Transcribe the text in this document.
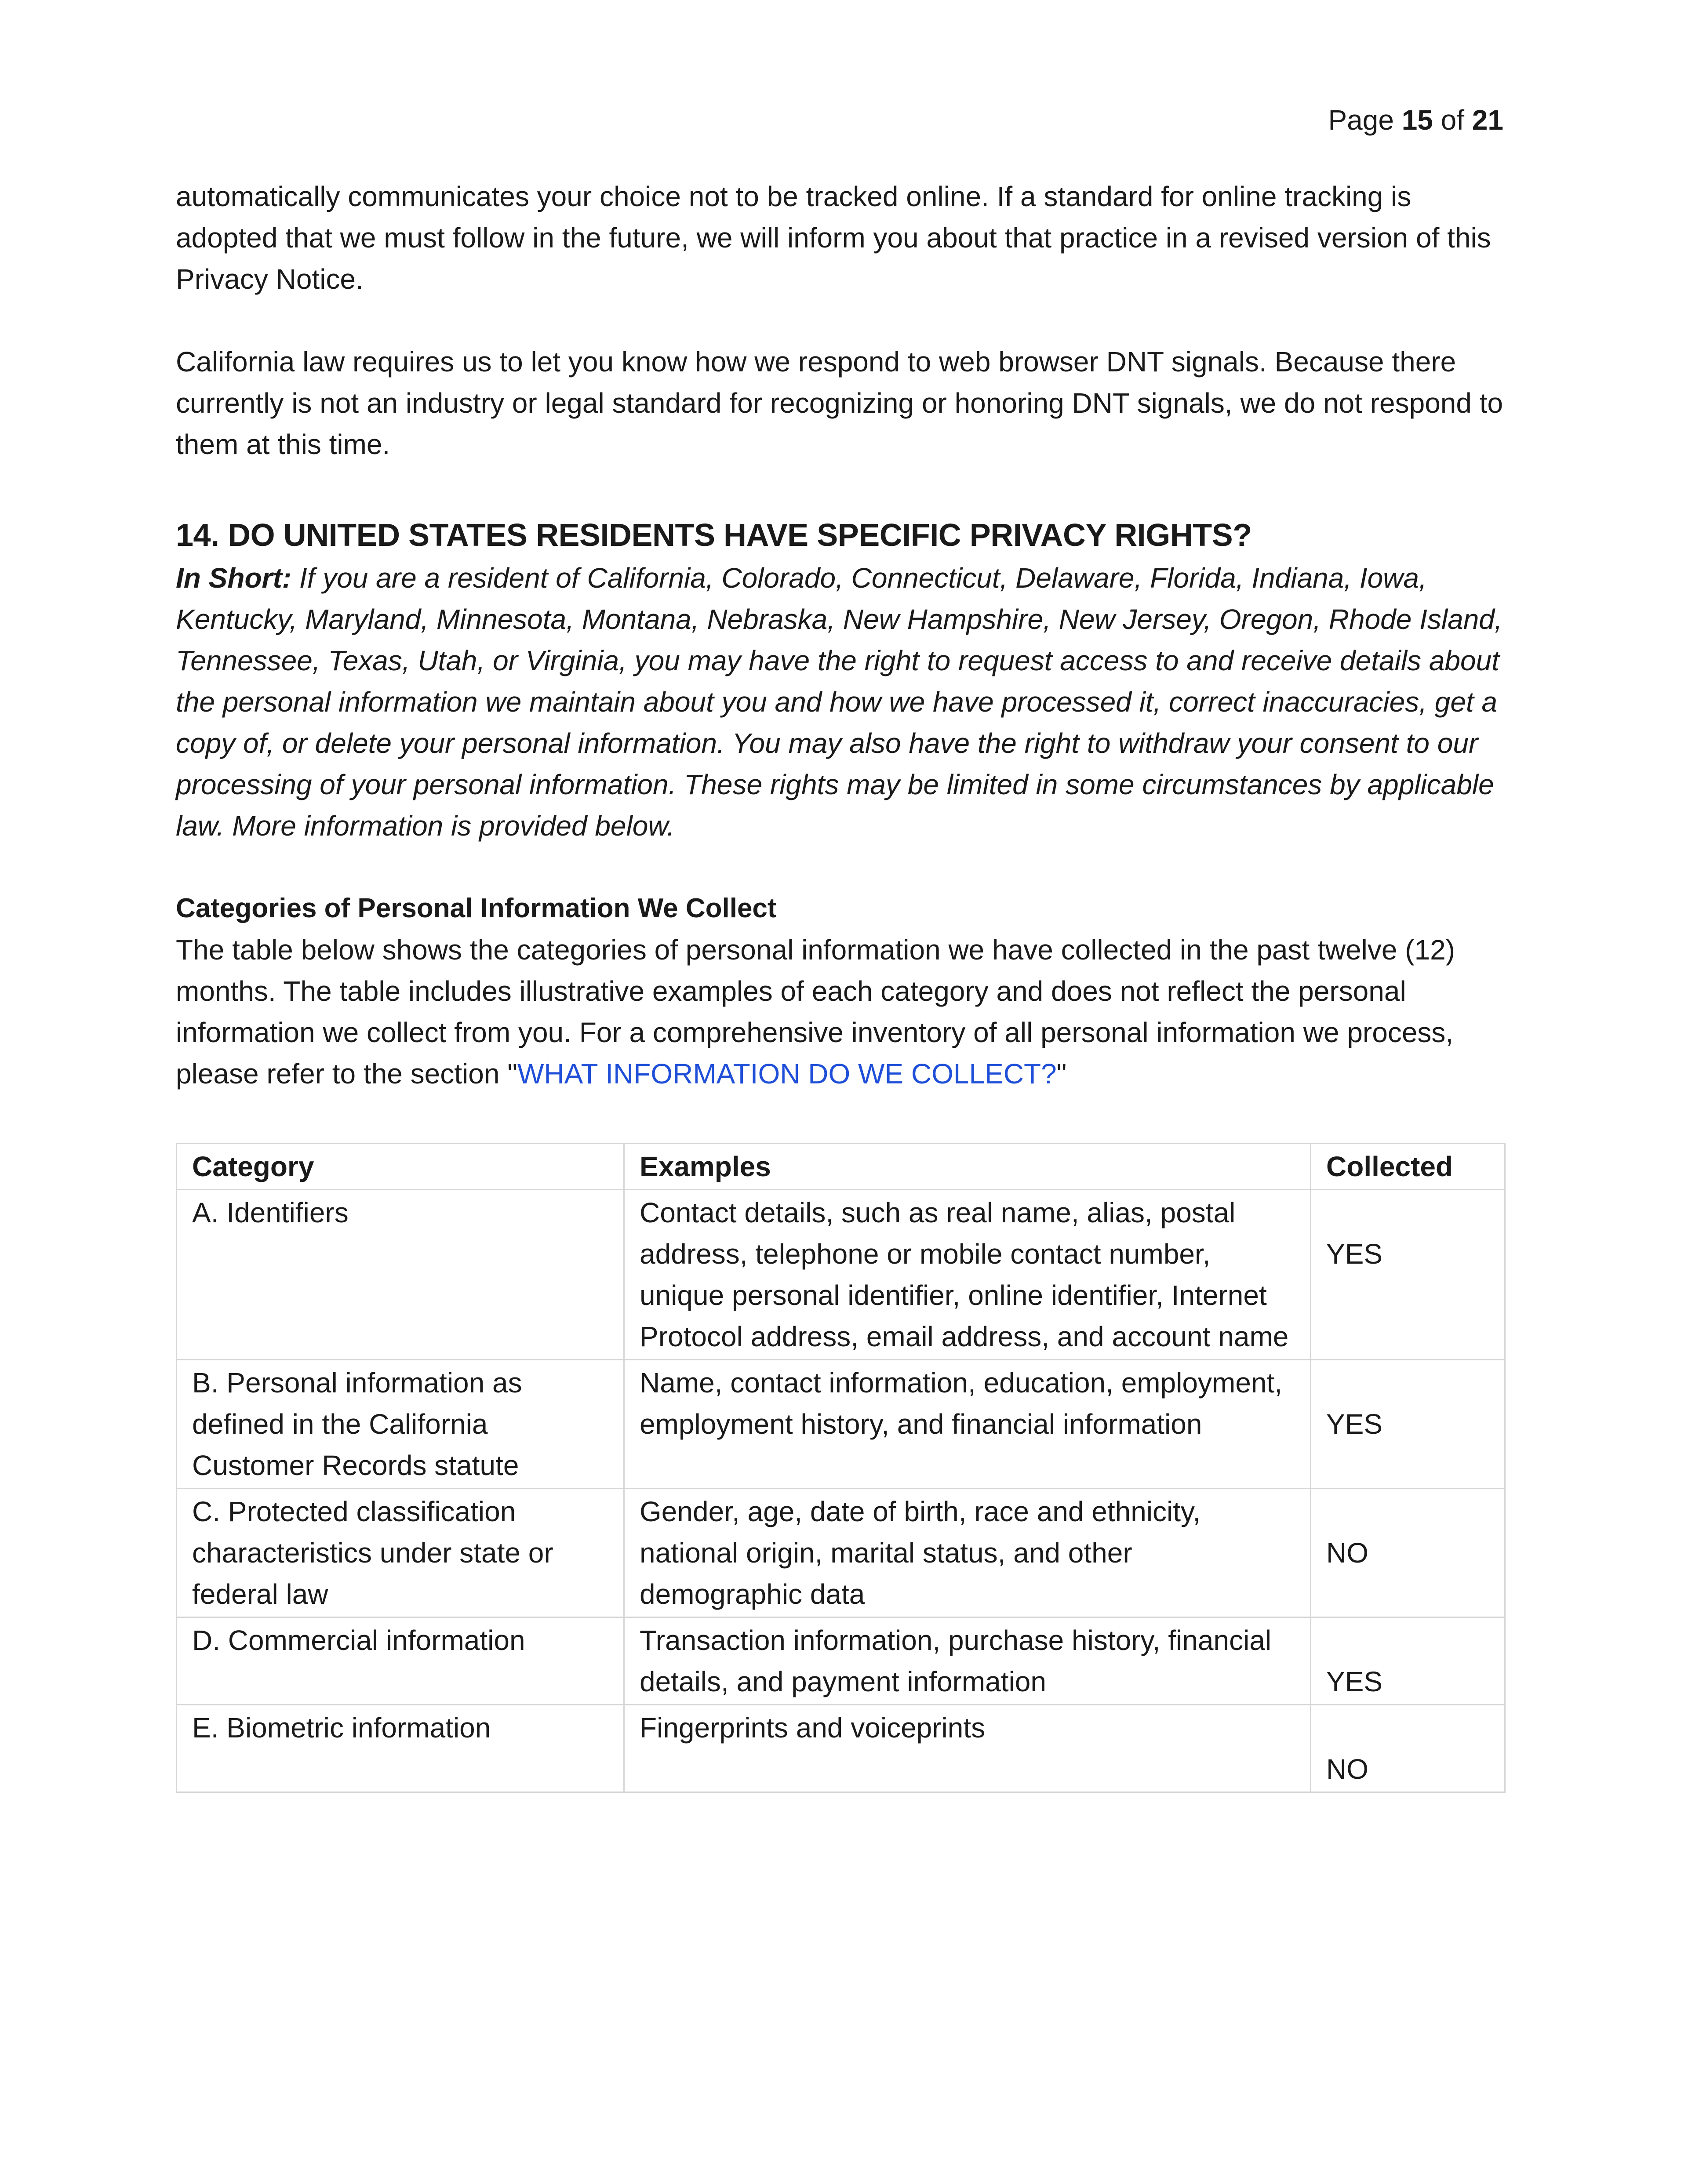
Page 15 of 21

automatically communicates your choice not to be tracked online. If a standard for online tracking is adopted that we must follow in the future, we will inform you about that practice in a revised version of this Privacy Notice.

California law requires us to let you know how we respond to web browser DNT signals. Because there currently is not an industry or legal standard for recognizing or honoring DNT signals, we do not respond to them at this time.

14. DO UNITED STATES RESIDENTS HAVE SPECIFIC PRIVACY RIGHTS?

In Short: If you are a resident of California, Colorado, Connecticut, Delaware, Florida, Indiana, Iowa, Kentucky, Maryland, Minnesota, Montana, Nebraska, New Hampshire, New Jersey, Oregon, Rhode Island, Tennessee, Texas, Utah, or Virginia, you may have the right to request access to and receive details about the personal information we maintain about you and how we have processed it, correct inaccuracies, get a copy of, or delete your personal information. You may also have the right to withdraw your consent to our processing of your personal information. These rights may be limited in some circumstances by applicable law. More information is provided below.

Categories of Personal Information We Collect

The table below shows the categories of personal information we have collected in the past twelve (12) months. The table includes illustrative examples of each category and does not reflect the personal information we collect from you. For a comprehensive inventory of all personal information we process, please refer to the section "WHAT INFORMATION DO WE COLLECT?"

Category	Examples	Collected
A. Identifiers	Contact details, such as real name, alias, postal address, telephone or mobile contact number, unique personal identifier, online identifier, Internet Protocol address, email address, and account name	YES
B. Personal information as defined in the California Customer Records statute	Name, contact information, education, employment, employment history, and financial information	YES
C. Protected classification characteristics under state or federal law	Gender, age, date of birth, race and ethnicity, national origin, marital status, and other demographic data	NO
D. Commercial information	Transaction information, purchase history, financial details, and payment information	YES
E. Biometric information	Fingerprints and voiceprints	NO
